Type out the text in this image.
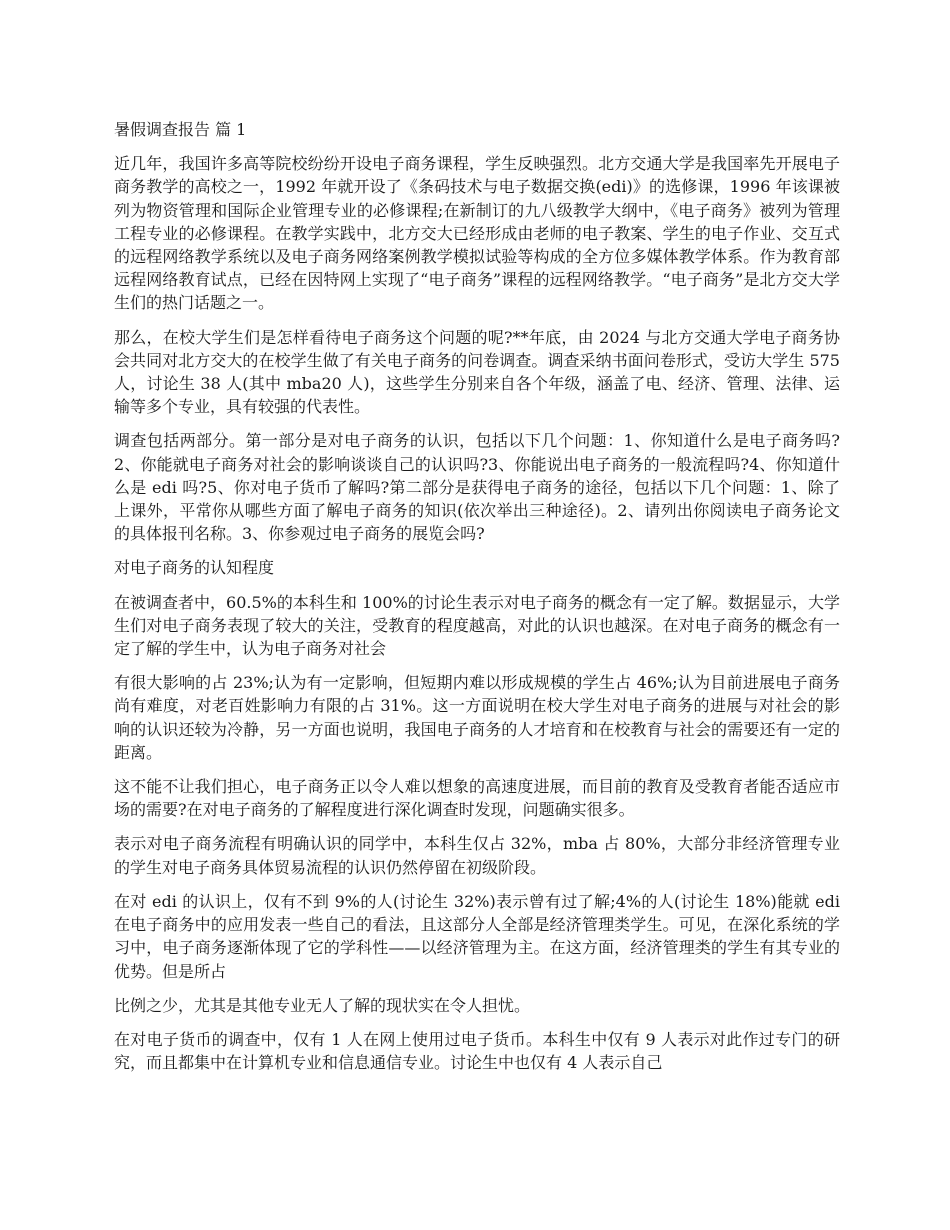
暑假调查报告 篇 1

近几年，我国许多高等院校纷纷开设电子商务课程，学生反映强烈。北方交通大学是我国率先开展电子商务教学的高校之一，1992 年就开设了《条码技术与电子数据交换(edi)》的选修课，1996 年该课被列为物资管理和国际企业管理专业的必修课程;在新制订的九八级教学大纲中，《电子商务》被列为管理工程专业的必修课程。在教学实践中，北方交大已经形成由老师的电子教案、学生的电子作业、交互式的远程网络教学系统以及电子商务网络案例教学模拟试验等构成的全方位多媒体教学体系。作为教育部远程网络教育试点，已经在因特网上实现了“电子商务”课程的远程网络教学。“电子商务”是北方交大学生们的热门话题之一。

那么，在校大学生们是怎样看待电子商务这个问题的呢?**年底，由 2024 与北方交通大学电子商务协会共同对北方交大的在校学生做了有关电子商务的问卷调查。调查采纳书面问卷形式，受访大学生 575 人，讨论生 38 人(其中 mba20 人)，这些学生分别来自各个年级，涵盖了电、经济、管理、法律、运输等多个专业，具有较强的代表性。

调查包括两部分。第一部分是对电子商务的认识，包括以下几个问题：1、你知道什么是电子商务吗?2、你能就电子商务对社会的影响谈谈自己的认识吗?3、你能说出电子商务的一般流程吗?4、你知道什么是 edi 吗?5、你对电子货币了解吗?第二部分是获得电子商务的途径，包括以下几个问题：1、除了上课外，平常你从哪些方面了解电子商务的知识(依次举出三种途径)。2、请列出你阅读电子商务论文的具体报刊名称。3、你参观过电子商务的展览会吗?

对电子商务的认知程度

在被调查者中，60.5%的本科生和 100%的讨论生表示对电子商务的概念有一定了解。数据显示，大学生们对电子商务表现了较大的关注，受教育的程度越高，对此的认识也越深。在对电子商务的概念有一定了解的学生中，认为电子商务对社会

有很大影响的占 23%;认为有一定影响，但短期内难以形成规模的学生占 46%;认为目前进展电子商务尚有难度，对老百姓影响力有限的占 31%。这一方面说明在校大学生对电子商务的进展与对社会的影响的认识还较为冷静，另一方面也说明，我国电子商务的人才培育和在校教育与社会的需要还有一定的距离。

这不能不让我们担心，电子商务正以令人难以想象的高速度进展，而目前的教育及受教育者能否适应市场的需要?在对电子商务的了解程度进行深化调查时发现，问题确实很多。

表示对电子商务流程有明确认识的同学中，本科生仅占 32%，mba 占 80%，大部分非经济管理专业的学生对电子商务具体贸易流程的认识仍然停留在初级阶段。

在对 edi 的认识上，仅有不到 9%的人(讨论生 32%)表示曾有过了解;4%的人(讨论生 18%)能就 edi 在电子商务中的应用发表一些自己的看法，且这部分人全部是经济管理类学生。可见，在深化系统的学习中，电子商务逐渐体现了它的学科性——以经济管理为主。在这方面，经济管理类的学生有其专业的优势。但是所占

比例之少，尤其是其他专业无人了解的现状实在令人担忧。

在对电子货币的调查中，仅有 1 人在网上使用过电子货币。本科生中仅有 9 人表示对此作过专门的研究，而且都集中在计算机专业和信息通信专业。讨论生中也仅有 4 人表示自己
